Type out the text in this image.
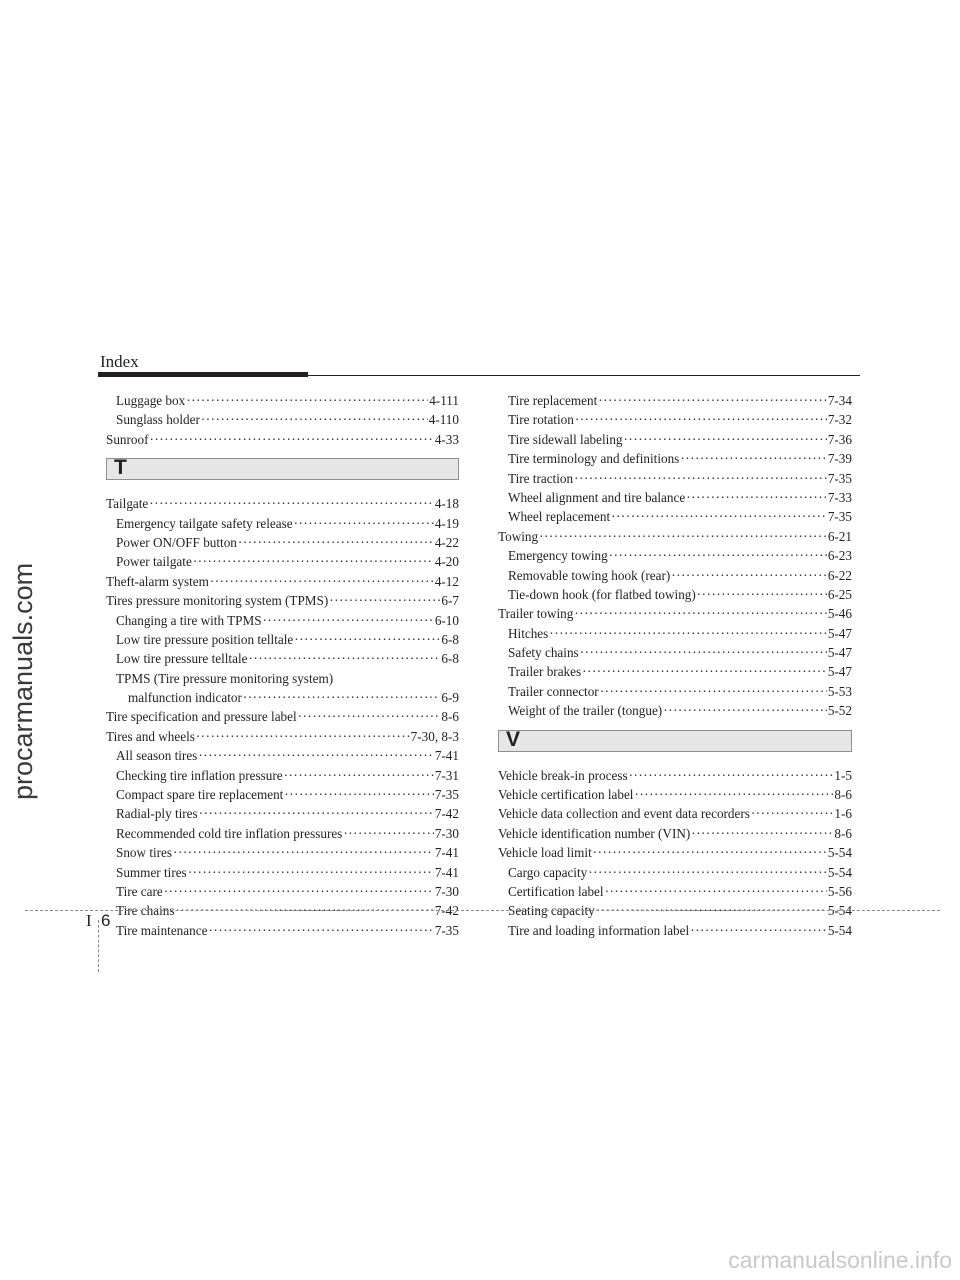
Index
Luggage box ·····	4-111
Sunglass holder ·····	4-110
Sunroof ·····	4-33
T
Tailgate ·····	4-18
Emergency tailgate safety release ·····	4-19
Power ON/OFF button ·····	4-22
Power tailgate ·····	4-20
Theft-alarm system ·····	4-12
Tires pressure monitoring system (TPMS) ·····	6-7
Changing a tire with TPMS ·····	6-10
Low tire pressure position telltale ·····	6-8
Low tire pressure telltale ·····	6-8
TPMS (Tire pressure monitoring system)
malfunction indicator ·····	6-9
Tire specification and pressure label ·····	8-6
Tires and wheels ·····	7-30, 8-3
All season tires ·····	7-41
Checking tire inflation pressure ·····	7-31
Compact spare tire replacement ·····	7-35
Radial-ply tires ·····	7-42
Recommended cold tire inflation pressures ·····	7-30
Snow tires ·····	7-41
Summer tires ·····	7-41
Tire care ·····	7-30
Tire chains ·····	7-42
Tire maintenance ·····	7-35
Tire replacement ·····	7-34
Tire rotation ·····	7-32
Tire sidewall labeling ·····	7-36
Tire terminology and definitions ·····	7-39
Tire traction ·····	7-35
Wheel alignment and tire balance ·····	7-33
Wheel replacement ·····	7-35
Towing ·····	6-21
Emergency towing ·····	6-23
Removable towing hook (rear) ·····	6-22
Tie-down hook (for flatbed towing) ·····	6-25
Trailer towing ·····	5-46
Hitches ·····	5-47
Safety chains ·····	5-47
Trailer brakes ·····	5-47
Trailer connector ·····	5-53
Weight of the trailer (tongue) ·····	5-52
V
Vehicle break-in process ·····	1-5
Vehicle certification label ·····	8-6
Vehicle data collection and event data recorders ·····	1-6
Vehicle identification number (VIN) ·····	8-6
Vehicle load limit ·····	5-54
Cargo capacity ·····	5-54
Certification label ·····	5-56
Seating capacity ·····	5-54
Tire and loading information label ·····	5-54
I 6
procarmanuals.com
carmanualsonline.info
